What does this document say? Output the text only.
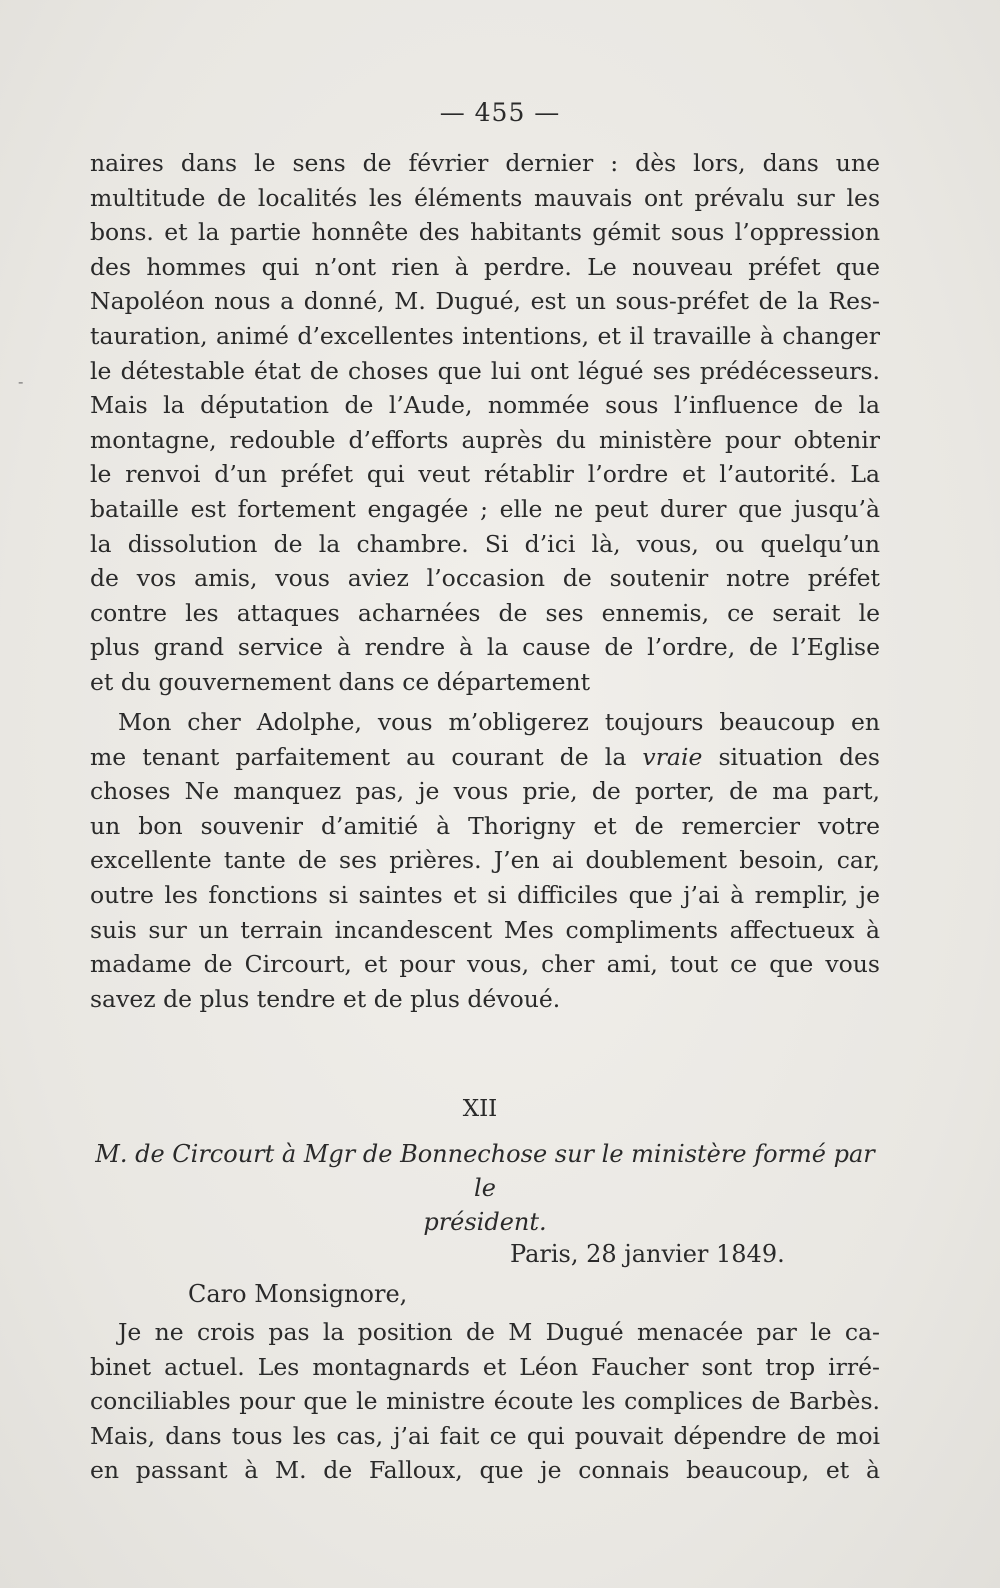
— 455 —
-
naires dans le sens de février dernier : dès lors, dans une
multitude de localités les éléments mauvais ont prévalu sur les
bons. et la partie honnête des habitants gémit sous l’oppression
des hommes qui n’ont rien à perdre. Le nouveau préfet que
Napoléon nous a donné, M. Dugué, est un sous-préfet de la Res-
tauration, animé d’excellentes intentions, et il travaille à changer
le détestable état de choses que lui ont légué ses prédécesseurs.
Mais la députation de l’Aude, nommée sous l’influence de la
montagne, redouble d’efforts auprès du ministère pour obtenir
le renvoi d’un préfet qui veut rétablir l’ordre et l’autorité. La
bataille est fortement engagée ; elle ne peut durer que jusqu’à
la dissolution de la chambre. Si d’ici là, vous, ou quelqu’un
de vos amis, vous aviez l’occasion de soutenir notre préfet
contre les attaques acharnées de ses ennemis, ce serait le
plus grand service à rendre à la cause de l’ordre, de l’Eglise
et du gouvernement dans ce département
Mon cher Adolphe, vous m’obligerez toujours beaucoup en
me tenant parfaitement au courant de la vraie situation des
choses Ne manquez pas, je vous prie, de porter, de ma part,
un bon souvenir d’amitié à Thorigny et de remercier votre
excellente tante de ses prières. J’en ai doublement besoin, car,
outre les fonctions si saintes et si difficiles que j’ai à remplir, je
suis sur un terrain incandescent Mes compliments affectueux à
madame de Circourt, et pour vous, cher ami, tout ce que vous
savez de plus tendre et de plus dévoué.
XII
M. de Circourt à Mgr de Bonnechose sur le ministère formé par le
président.
Paris, 28 janvier 1849.
Caro Monsignore,
Je ne crois pas la position de M Dugué menacée par le ca-
binet actuel. Les montagnards et Léon Faucher sont trop irré-
conciliables pour que le ministre écoute les complices de Barbès.
Mais, dans tous les cas, j’ai fait ce qui pouvait dépendre de moi
en passant à M. de Falloux, que je connais beaucoup, et à
